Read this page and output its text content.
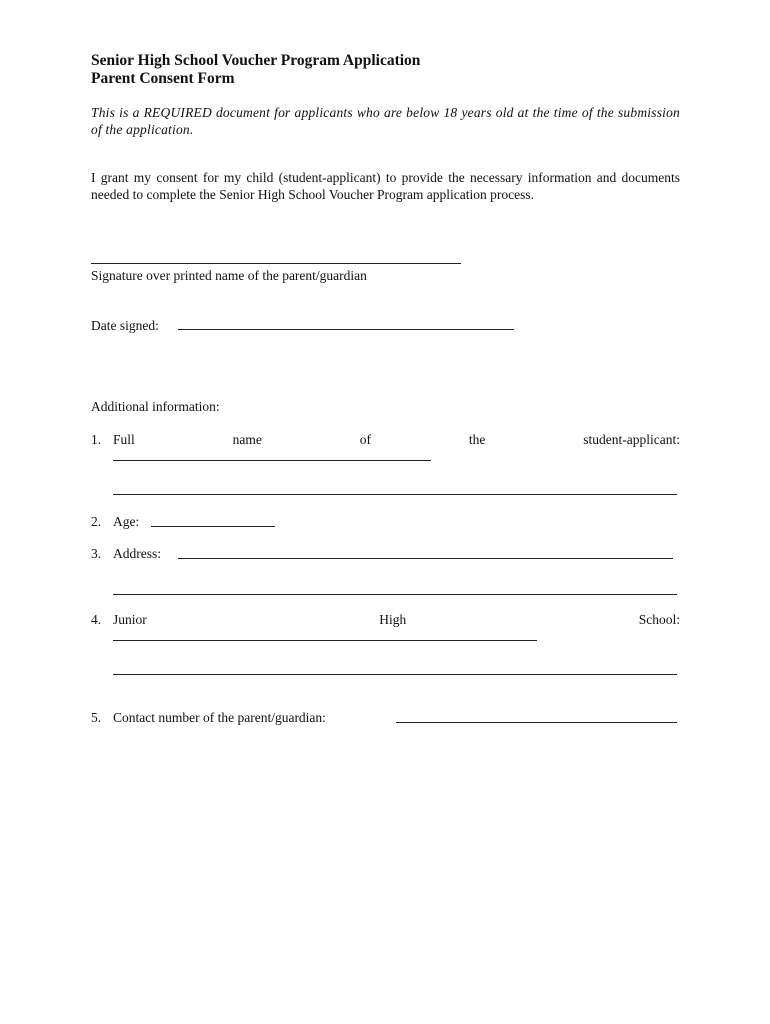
Senior High School Voucher Program Application
Parent Consent Form
This is a REQUIRED document for applicants who are below 18 years old at the time of the submission of the application.
I grant my consent for my child (student-applicant) to provide the necessary information and documents needed to complete the Senior High School Voucher Program application process.
Signature over printed name of the parent/guardian
Date signed:
Additional information:
1. Full	name	of	the	student-applicant:
2. Age:
3. Address:
4. Junior	High	School:
5. Contact number of the parent/guardian:
